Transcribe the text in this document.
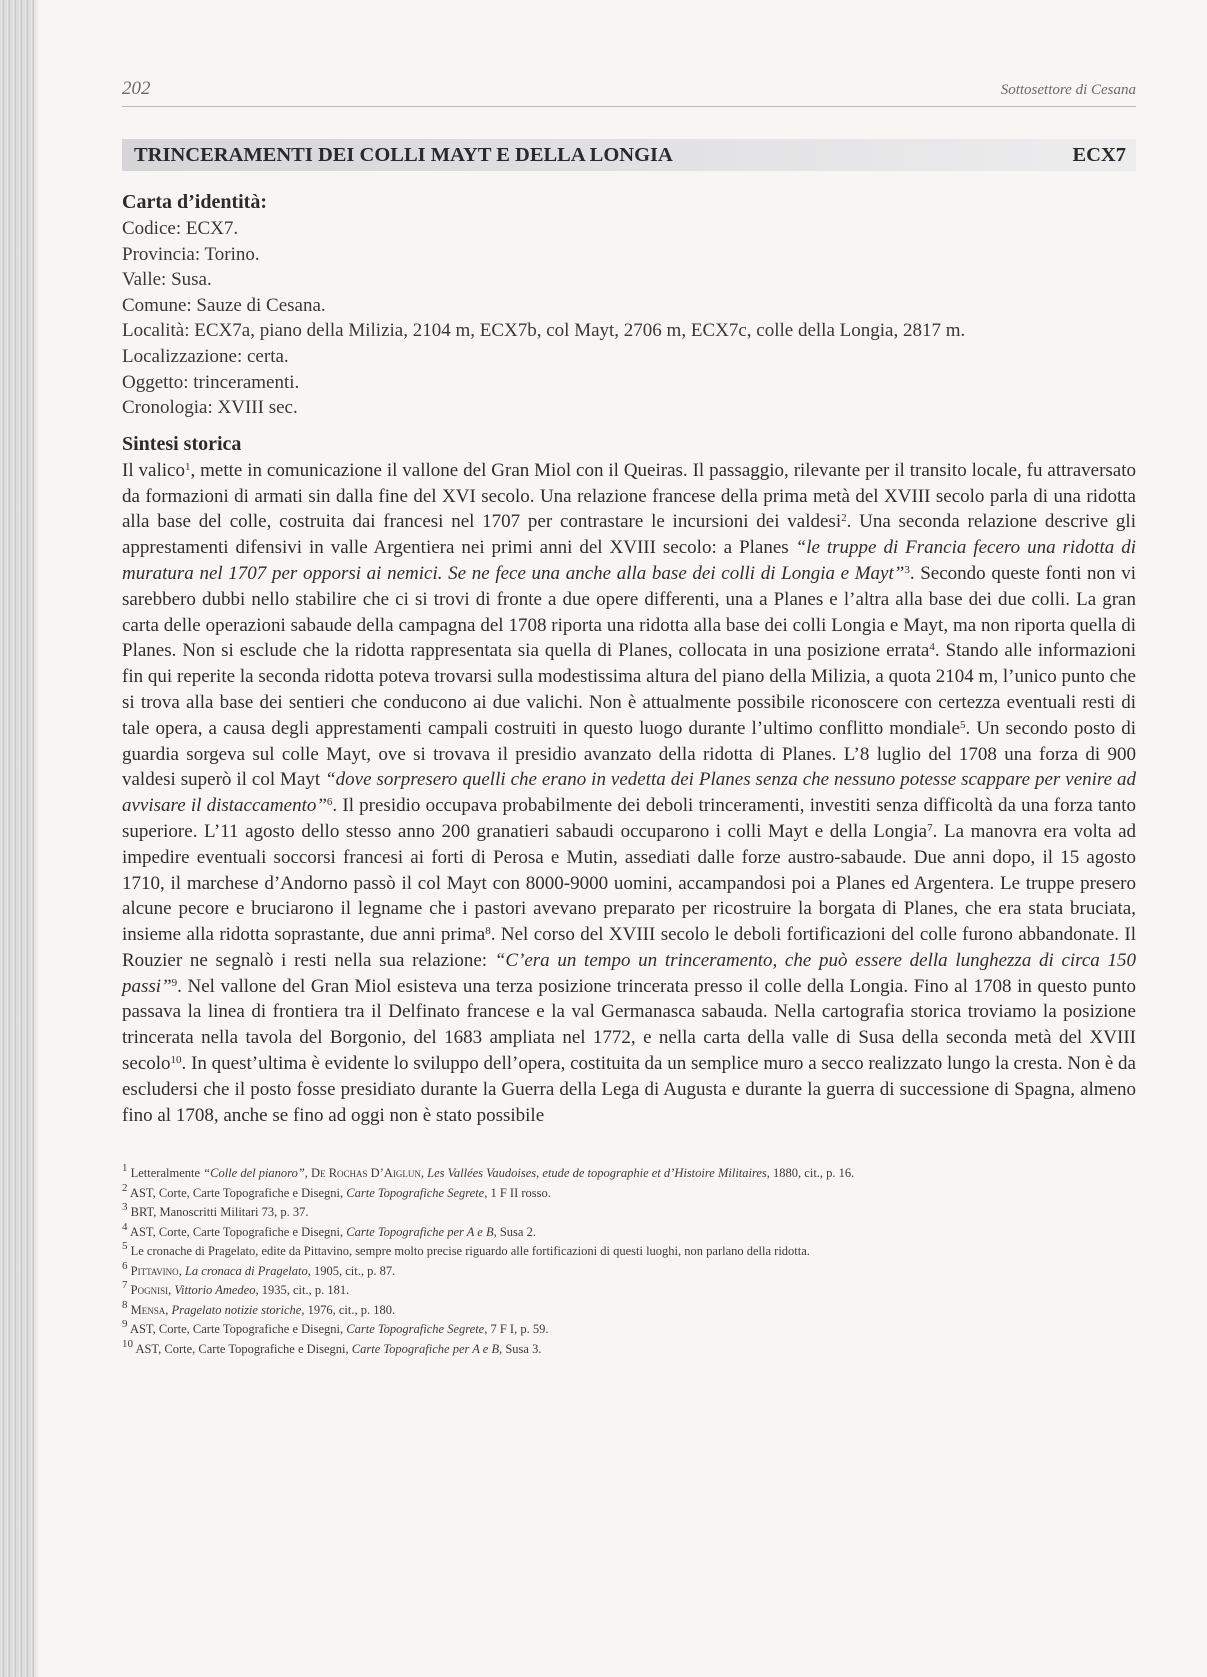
202	Sottosettore di Cesana
TRINCERAMENTI DEI COLLI MAYT E DELLA LONGIA	ECX7
Carta d’identità:
Codice: ECX7.
Provincia: Torino.
Valle: Susa.
Comune: Sauze di Cesana.
Località: ECX7a, piano della Milizia, 2104 m, ECX7b, col Mayt, 2706 m, ECX7c, colle della Longia, 2817 m.
Localizzazione: certa.
Oggetto: trinceramenti.
Cronologia: XVIII sec.
Sintesi storica

Il valico$^1$, mette in comunicazione il vallone del Gran Miol con il Queiras. Il passaggio, rilevante per il transito locale, fu attraversato da formazioni di armati sin dalla fine del XVI secolo. Una relazione francese della prima metà del XVIII secolo parla di una ridotta alla base del colle, costruita dai francesi nel 1707 per contrastare le incursioni dei valdesi$^2$. Una seconda relazione descrive gli apprestamenti difensivi in valle Argentiera nei primi anni del XVIII secolo: a Planes “le truppe di Francia fecero una ridotta di muratura nel 1707 per opporsi ai nemici. Se ne fece una anche alla base dei colli di Longia e Mayt”$^3$. Secondo queste fonti non vi sarebbero dubbi nello stabilire che ci si trovi di fronte a due opere differenti, una a Planes e l’altra alla base dei due colli. La gran carta delle operazioni sabaude della campagna del 1708 riporta una ridotta alla base dei colli Longia e Mayt, ma non riporta quella di Planes. Non si esclude che la ridotta rappresentata sia quella di Planes, collocata in una posizione errata$^4$. Stando alle informazioni fin qui reperite la seconda ridotta poteva trovarsi sulla modestissima altura del piano della Milizia, a quota 2104 m, l’unico punto che si trova alla base dei sentieri che conducono ai due valichi. Non è attualmente possibile riconoscere con certezza eventuali resti di tale opera, a causa degli apprestamenti campali costruiti in questo luogo durante l’ultimo conflitto mondiale$^5$. Un secondo posto di guardia sorgeva sul colle Mayt, ove si trovava il presidio avanzato della ridotta di Planes. L’8 luglio del 1708 una forza di 900 valdesi superò il col Mayt “dove sorpresero quelli che erano in vedetta dei Planes senza che nessuno potesse scappare per venire ad avvisare il distaccamento”$^6$. Il presidio occupava probabilmente dei deboli trinceramenti, investiti senza difficoltà da una forza tanto superiore. L’11 agosto dello stesso anno 200 granatieri sabaudi occuparono i colli Mayt e della Longia$^7$. La manovra era volta ad impedire eventuali soccorsi francesi ai forti di Perosa e Mutin, assediati dalle forze austro-sabaude. Due anni dopo, il 15 agosto 1710, il marchese d’Andorno passò il col Mayt con 8000-9000 uomini, accampandosi poi a Planes ed Argentera. Le truppe presero alcune pecore e bruciarono il legname che i pastori avevano preparato per ricostruire la borgata di Planes, che era stata bruciata, insieme alla ridotta soprastante, due anni prima$^8$. Nel corso del XVIII secolo le deboli fortificazioni del colle furono abbandonate. Il Rouzier ne segnalò i resti nella sua relazione: “C’era un tempo un trinceramento, che può essere della lunghezza di circa 150 passi”$^9$. Nel vallone del Gran Miol esisteva una terza posizione trincerata presso il colle della Longia. Fino al 1708 in questo punto passava la linea di frontiera tra il Delfinato francese e la val Germanasca sabauda. Nella cartografia storica troviamo la posizione trincerata nella tavola del Borgonio, del 1683 ampliata nel 1772, e nella carta della valle di Susa della seconda metà del XVIII secolo$^{10}$. In quest’ultima è evidente lo sviluppo dell’opera, costituita da un semplice muro a secco realizzato lungo la cresta. Non è da escludersi che il posto fosse presidiato durante la Guerra della Lega di Augusta e durante la guerra di successione di Spagna, almeno fino al 1708, anche se fino ad oggi non è stato possibile

$^1$ Letteralmente “Colle del pianoro”, De Rochas D’Aiglun, Les Vallées Vaudoises, etude de topographie et d’Histoire Militaires, 1880, cit., p. 16.

$^2$ AST, Corte, Carte Topografiche e Disegni, Carte Topografiche Segrete, 1 F II rosso.

$^3$ BRT, Manoscritti Militari 73, p. 37.

$^4$ AST, Corte, Carte Topografiche e Disegni, Carte Topografiche per A e B, Susa 2.

$^5$ Le cronache di Pragelato, edite da Pittavino, sempre molto precise riguardo alle fortificazioni di questi luoghi, non parlano della ridotta.

$^6$ Pittavino, La cronaca di Pragelato, 1905, cit., p. 87.

$^7$ Pognisi, Vittorio Amedeo, 1935, cit., p. 181.

$^8$ Mensa, Pragelato notizie storiche, 1976, cit., p. 180.

$^9$ AST, Corte, Carte Topografiche e Disegni, Carte Topografiche Segrete, 7 F I, p. 59.

$^{10}$ AST, Corte, Carte Topografiche e Disegni, Carte Topografiche per A e B, Susa 3.
